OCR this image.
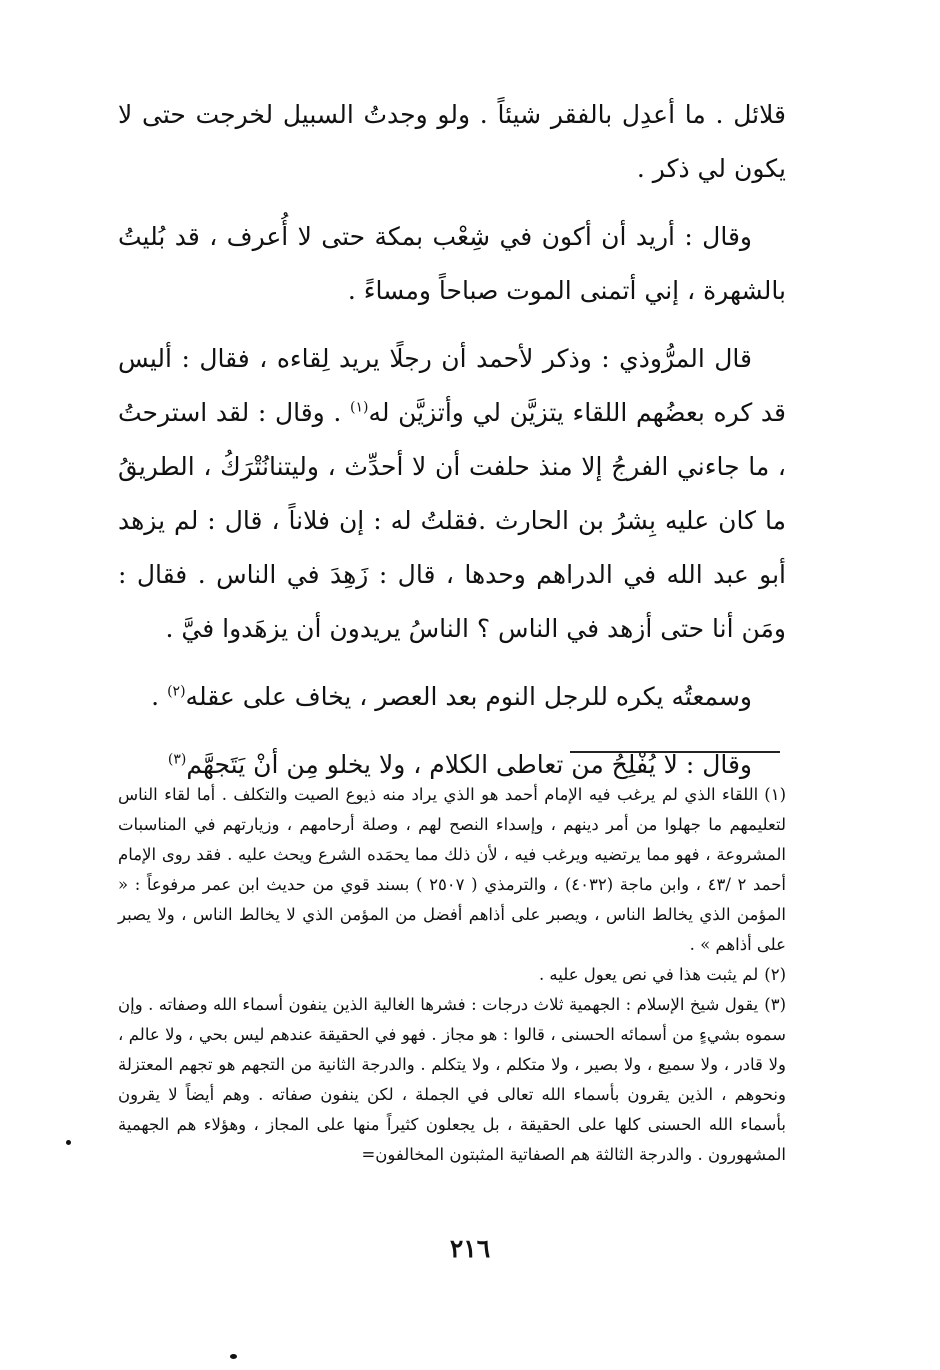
قلائل . ما أعدِل بالفقر شيئاً . ولو وجدتُ السبيل لخرجت حتى لا يكون لي ذكر .

وقال : أريد أن أكون في شِعْب بمكة حتى لا أُعرف ، قد بُليتُ بالشهرة ، إني أتمنى الموت صباحاً ومساءً .

قال المرُّوذي : وذكر لأحمد أن رجلًا يريد لِقاءه ، فقال : أليس قد كره بعضُهم اللقاء يتزيَّن لي وأتزيَّن له$^{(١)}$ . وقال : لقد استرحتُ ، ما جاءني الفرجُ إلا منذ حلفت أن لا أحدِّث ، وليتنانُتْرَكُ ، الطريقُ ما كان عليه بِشرُ بن الحارث .فقلتُ له : إن فلاناً ، قال : لم يزهد أبو عبد الله في الدراهم وحدها ، قال : زَهِدَ في الناس . فقال : ومَن أنا حتى أزهد في الناس ؟ الناسُ يريدون أن يزهَدوا فيَّ .

وسمعتُه يكره للرجل النوم بعد العصر ، يخاف على عقله$^{(٢)}$ .

وقال : لا يُفْلِحُ من تعاطى الكلام ، ولا يخلو مِن أنْ يَتَجهَّم$^{(٣)}$

(١)اللقاء الذي لم يرغب فيه الإمام أحمد هو الذي يراد منه ذيوع الصيت والتكلف . أما لقاء الناس لتعليمهم ما جهلوا من أمر دينهم ، وإسداء النصح لهم ، وصلة أرحامهم ، وزيارتهم في المناسبات المشروعة ، فهو مما يرتضيه ويرغب فيه ، لأن ذلك مما يحمَده الشرع ويحث عليه . فقد روى الإمام أحمد ٢ /٤٣ ، وابن ماجة (٤٠٣٢) ، والترمذي ( ٢٥٠٧ ) بسند قوي من حديث ابن عمر مرفوعاً : « المؤمن الذي يخالط الناس ، ويصبر على أذاهم أفضل من المؤمن الذي لا يخالط الناس ، ولا يصبر على أذاهم » .

(٢)لم يثبت هذا في نص يعول عليه .

(٣)يقول شيخ الإسلام : الجهمية ثلاث درجات : فشرها الغالية الذين ينفون أسماء الله وصفاته . وإن سموه بشيءٍ من أسمائه الحسنى ، قالوا : هو مجاز . فهو في الحقيقة عندهم ليس بحي ، ولا عالم ، ولا قادر ، ولا سميع ، ولا بصير ، ولا متكلم ، ولا يتكلم . والدرجة الثانية من التجهم هو تجهم المعتزلة ونحوهم ، الذين يقرون بأسماء الله تعالى في الجملة ، لكن ينفون صفاته . وهم أيضاً لا يقرون بأسماء الله الحسنى كلها على الحقيقة ، بل يجعلون كثيراً منها على المجاز ، وهؤلاء هم الجهمية المشهورون . والدرجة الثالثة هم الصفاتية المثبتون المخالفون=

٢١٦
